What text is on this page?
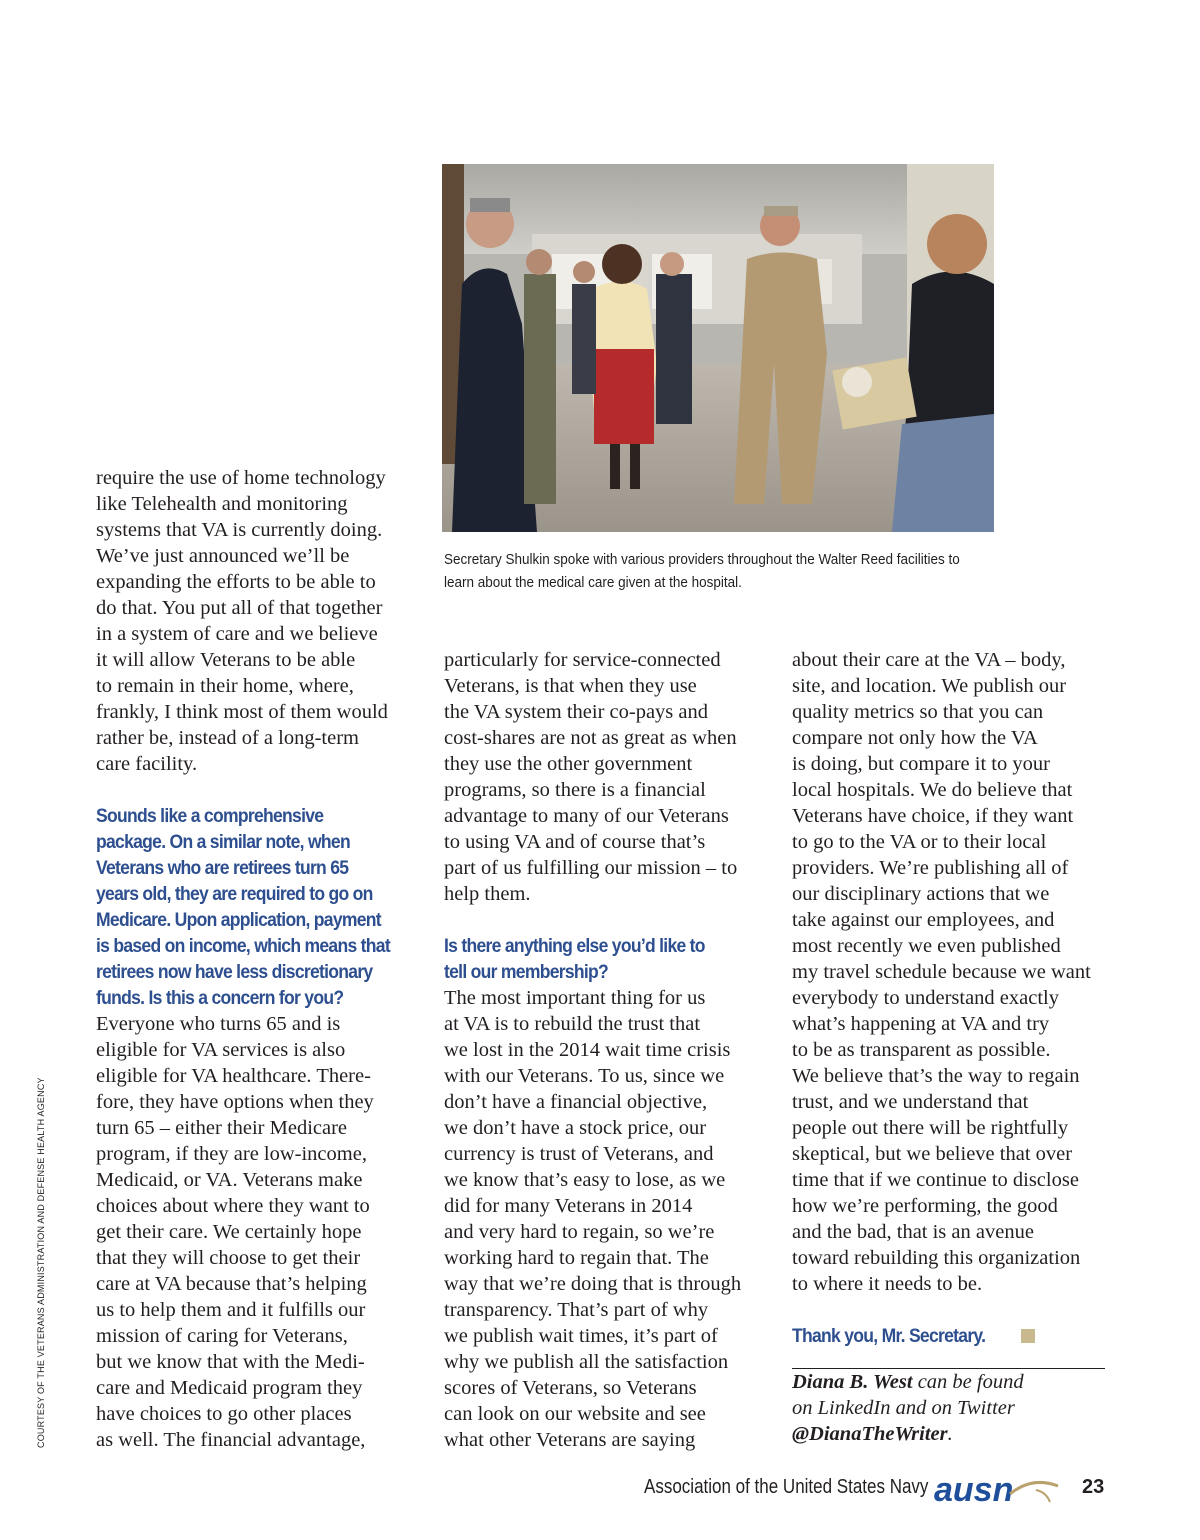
require the use of home technology
like Telehealth and monitoring
systems that VA is currently doing.
We’ve just announced we’ll be
expanding the efforts to be able to
do that. You put all of that together
in a system of care and we believe
it will allow Veterans to be able
to remain in their home, where,
frankly, I think most of them would
rather be, instead of a long-term
care facility.

Sounds like a comprehensive
package. On a similar note, when
Veterans who are retirees turn 65
years old, they are required to go on
Medicare. Upon application, payment
is based on income, which means that
retirees now have less discretionary
funds. Is this a concern for you?

Everyone who turns 65 and is
eligible for VA services is also
eligible for VA healthcare. There-
fore, they have options when they
turn 65 – either their Medicare
program, if they are low-income,
Medicaid, or VA. Veterans make
choices about where they want to
get their care. We certainly hope
that they will choose to get their
care at VA because that’s helping
us to help them and it fulfills our
mission of caring for Veterans,
but we know that with the Medi-
care and Medicaid program they
have choices to go other places
as well. The financial advantage,

Secretary Shulkin spoke with various providers throughout the Walter Reed facilities to
learn about the medical care given at the hospital.

particularly for service-connected
Veterans, is that when they use
the VA system their co-pays and
cost-shares are not as great as when
they use the other government
programs, so there is a financial
advantage to many of our Veterans
to using VA and of course that’s
part of us fulfilling our mission – to
help them.

Is there anything else you’d like to
tell our membership?

The most important thing for us
at VA is to rebuild the trust that
we lost in the 2014 wait time crisis
with our Veterans. To us, since we
don’t have a financial objective,
we don’t have a stock price, our
currency is trust of Veterans, and
we know that’s easy to lose, as we
did for many Veterans in 2014
and very hard to regain, so we’re
working hard to regain that. The
way that we’re doing that is through
transparency. That’s part of why
we publish wait times, it’s part of
why we publish all the satisfaction
scores of Veterans, so Veterans
can look on our website and see
what other Veterans are saying

about their care at the VA – body,
site, and location. We publish our
quality metrics so that you can
compare not only how the VA
is doing, but compare it to your
local hospitals. We do believe that
Veterans have choice, if they want
to go to the VA or to their local
providers. We’re publishing all of
our disciplinary actions that we
take against our employees, and
most recently we even published
my travel schedule because we want
everybody to understand exactly
what’s happening at VA and try
to be as transparent as possible.
We believe that’s the way to regain
trust, and we understand that
people out there will be rightfully
skeptical, but we believe that over
time that if we continue to disclose
how we’re performing, the good
and the bad, that is an avenue
toward rebuilding this organization
to where it needs to be.

Thank you, Mr. Secretary.

Diana B. West can be found
on LinkedIn and on Twitter
@DianaTheWriter.

COURTESY OF THE VETERANS ADMINISTRATION AND DEFENSE HEALTH AGENCY
Association of the United States Navy ausn	23
